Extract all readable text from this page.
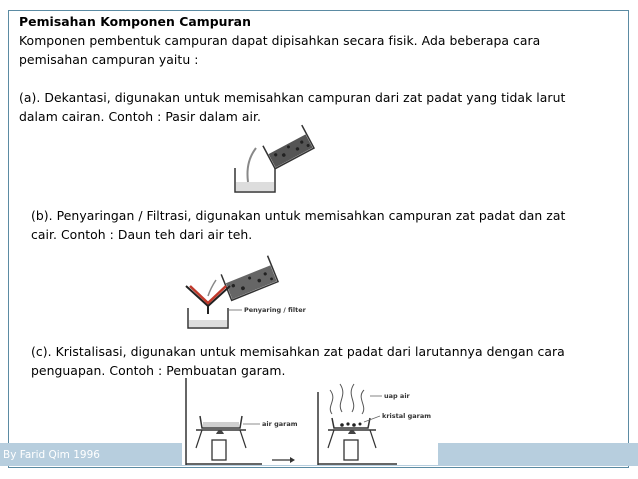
Pemisahan Komponen Campuran
Komponen pembentuk campuran dapat dipisahkan secara fisik. Ada beberapa cara
pemisahan campuran yaitu :
(a). Dekantasi, digunakan untuk memisahkan campuran dari zat padat yang tidak larut
dalam cairan. Contoh : Pasir dalam air.
(b). Penyaringan / Filtrasi, digunakan untuk memisahkan campuran zat padat dan zat
cair. Contoh : Daun teh dari air teh.
Penyaring / filter
(c). Kristalisasi, digunakan untuk memisahkan zat padat dari larutannya dengan cara
penguapan. Contoh : Pembuatan garam.
By Farid Qim 1996
air garam
uap air
kristal garam
